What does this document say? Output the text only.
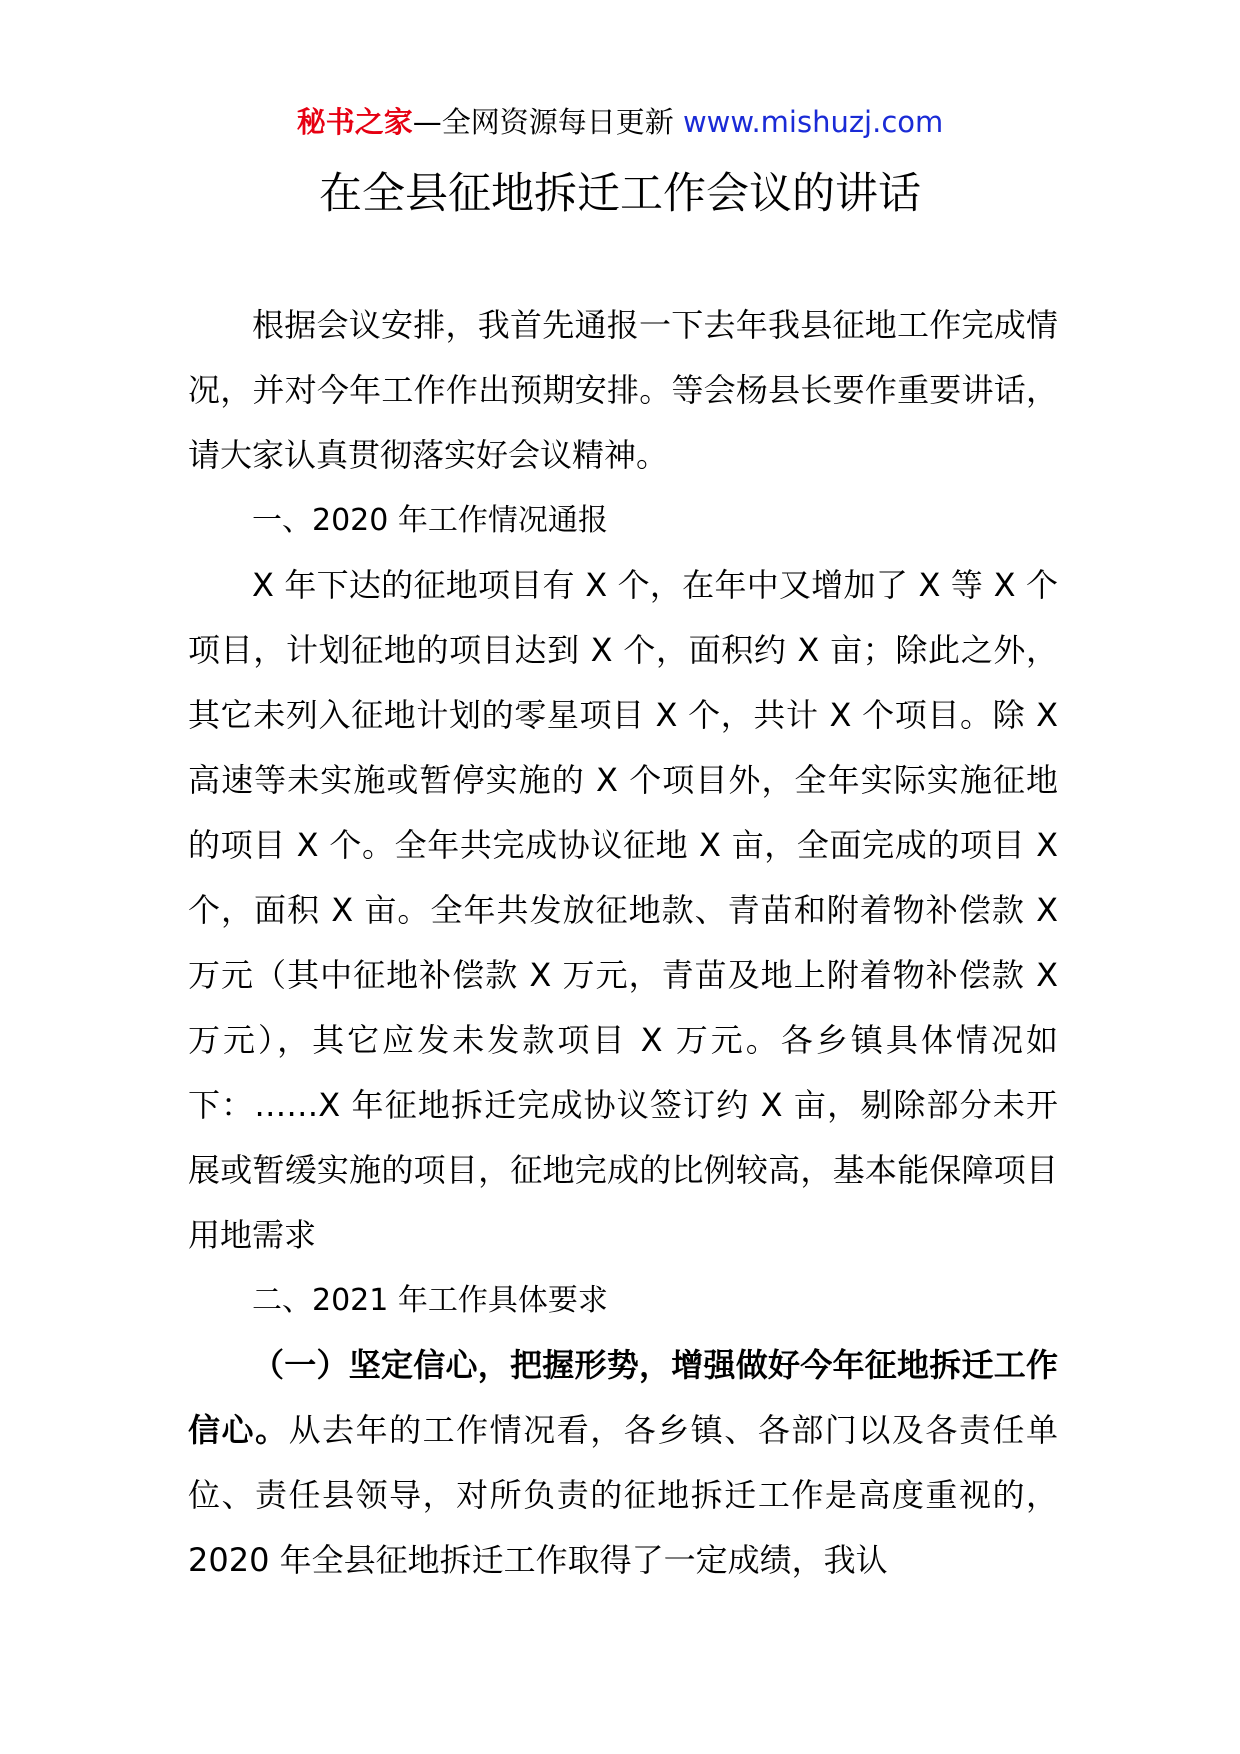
秘书之家—全网资源每日更新 www.mishuzj.com
在全县征地拆迁工作会议的讲话

根据会议安排，我首先通报一下去年我县征地工作完成情况，并对今年工作作出预期安排。等会杨县长要作重要讲话，请大家认真贯彻落实好会议精神。

一、2020 年工作情况通报

X 年下达的征地项目有 X 个，在年中又增加了 X 等 X 个项目，计划征地的项目达到 X 个，面积约 X 亩；除此之外，其它未列入征地计划的零星项目 X 个，共计 X 个项目。除 X 高速等未实施或暂停实施的 X 个项目外，全年实际实施征地的项目 X 个。全年共完成协议征地 X 亩，全面完成的项目 X 个，面积 X 亩。全年共发放征地款、青苗和附着物补偿款 X 万元（其中征地补偿款 X 万元，青苗及地上附着物补偿款 X 万元），其它应发未发款项目 X 万元。各乡镇具体情况如下：……X 年征地拆迁完成协议签订约 X 亩，剔除部分未开展或暂缓实施的项目，征地完成的比例较高，基本能保障项目用地需求

二、2021 年工作具体要求

（一）坚定信心，把握形势，增强做好今年征地拆迁工作信心。从去年的工作情况看，各乡镇、各部门以及各责任单位、责任县领导，对所负责的征地拆迁工作是高度重视的，2020 年全县征地拆迁工作取得了一定成绩，我认
